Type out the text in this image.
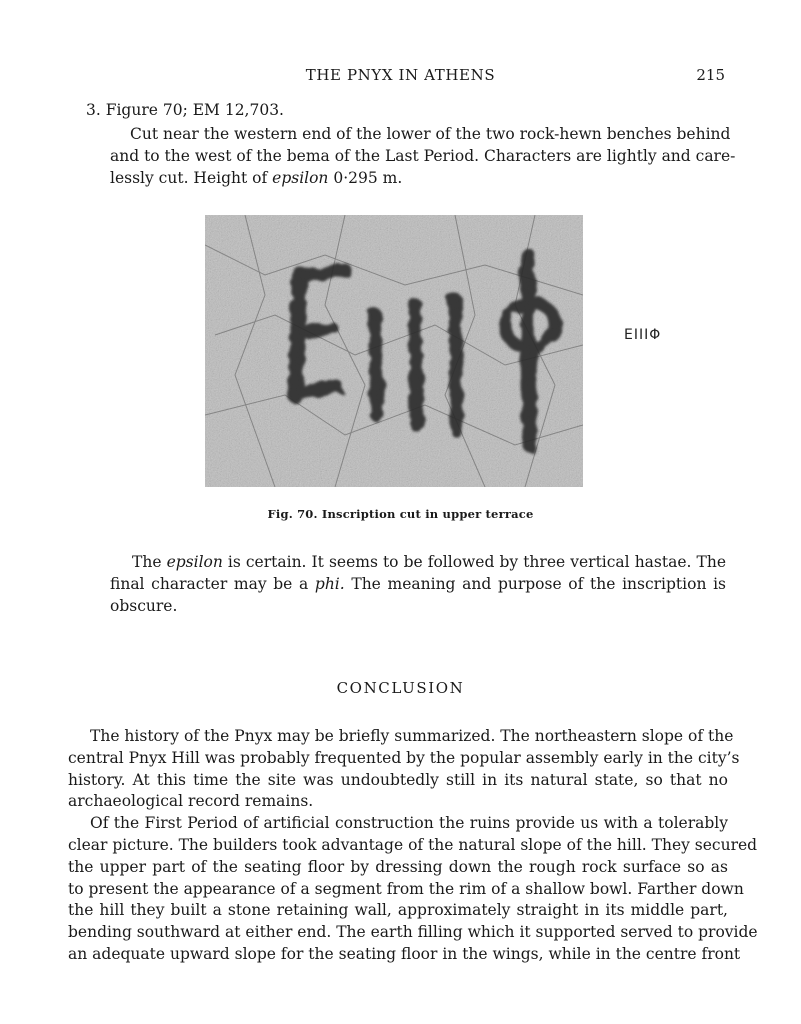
THE PNYX IN ATHENS	215
3. Figure 70; EM 12,703.
Cut near the western end of the lower of the two rock-hewn benches behind
and to the west of the bema of the Last Period. Characters are lightly and care-
lessly cut. Height of epsilon 0·295 m.
EIIIΦ
Fig. 70. Inscription cut in upper terrace
The epsilon is certain. It seems to be followed by three vertical hastae. The
final character may be a phi. The meaning and purpose of the inscription is
obscure.
CONCLUSION
The history of the Pnyx may be briefly summarized. The northeastern slope of the
central Pnyx Hill was probably frequented by the popular assembly early in the city’s
history. At this time the site was undoubtedly still in its natural state, so that no
archaeological record remains.
Of the First Period of artificial construction the ruins provide us with a tolerably
clear picture. The builders took advantage of the natural slope of the hill. They secured
the upper part of the seating floor by dressing down the rough rock surface so as
to present the appearance of a segment from the rim of a shallow bowl. Farther down
the hill they built a stone retaining wall, approximately straight in its middle part,
bending southward at either end. The earth filling which it supported served to provide
an adequate upward slope for the seating floor in the wings, while in the centre front
